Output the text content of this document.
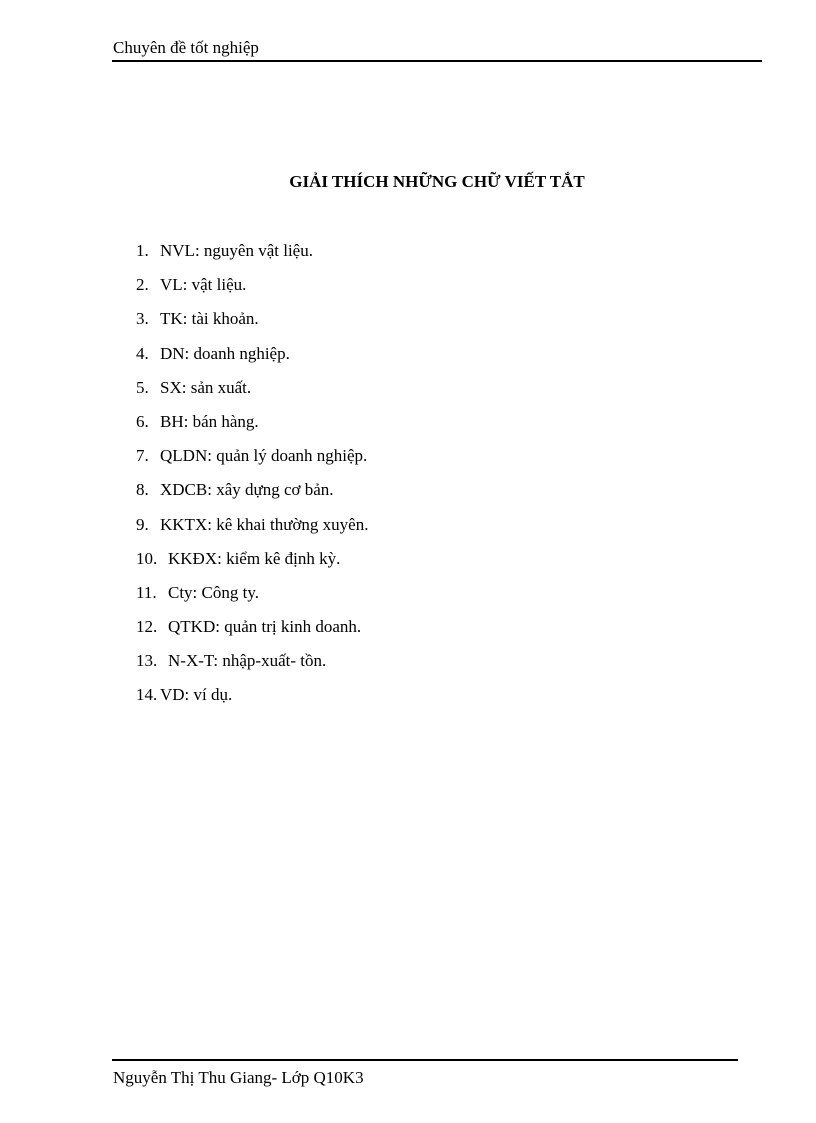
Chuyên đề tốt nghiệp
GIẢI THÍCH NHỮNG CHỮ VIẾT TẮT
1. NVL: nguyên vật liệu.
2. VL: vật liệu.
3. TK: tài khoản.
4. DN: doanh nghiệp.
5. SX: sản xuất.
6. BH: bán hàng.
7. QLDN: quản lý doanh nghiệp.
8. XDCB: xây dựng cơ bản.
9. KKTX: kê khai thường xuyên.
10. KKĐX: kiểm kê định kỳ.
11. Cty: Công ty.
12. QTKD: quản trị kinh doanh.
13. N-X-T: nhập-xuất- tồn.
14. VD: ví dụ.
Nguyễn Thị Thu Giang- Lớp Q10K3
